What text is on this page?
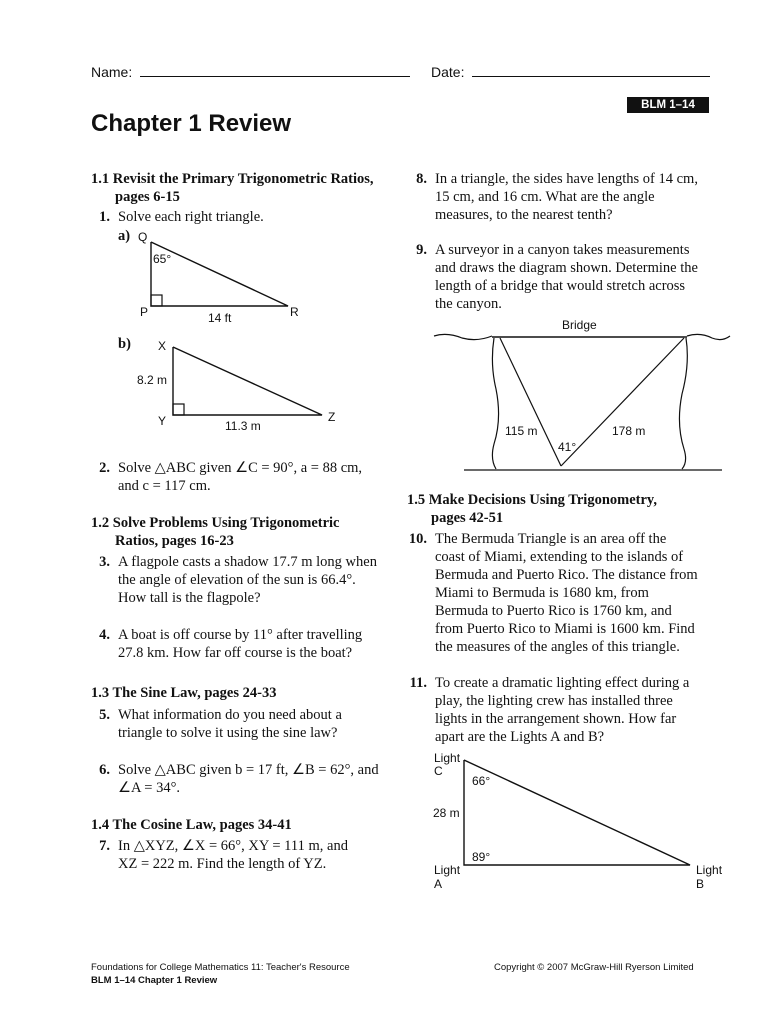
Name:	Date:
BLM 1–14
Chapter 1 Review
1.1 Revisit the Primary Trigonometric Ratios,
pages 6-15
1. Solve each right triangle.
a) Q
65°
P	R
14 ft
b) X
8.2 m
Y	Z
11.3 m
2. Solve △ABC given ∠C = 90°, a = 88 cm,
and c = 117 cm.
1.2 Solve Problems Using Trigonometric
Ratios, pages 16-23
3. A flagpole casts a shadow 17.7 m long when
the angle of elevation of the sun is 66.4°.
How tall is the flagpole?
4. A boat is off course by 11° after travelling
27.8 km. How far off course is the boat?
1.3 The Sine Law, pages 24-33
5. What information do you need about a
triangle to solve it using the sine law?
6. Solve △ABC given b = 17 ft, ∠B = 62°, and
∠A = 34°.
1.4 The Cosine Law, pages 34-41
7. In △XYZ, ∠X = 66°, XY = 111 m, and
XZ = 222 m. Find the length of YZ.
8. In a triangle, the sides have lengths of 14 cm,
15 cm, and 16 cm. What are the angle
measures, to the nearest tenth?
9. A surveyor in a canyon takes measurements
and draws the diagram shown. Determine the
length of a bridge that would stretch across
the canyon.
Bridge
115 m	178 m
41°
1.5 Make Decisions Using Trigonometry,
pages 42-51
10. The Bermuda Triangle is an area off the
coast of Miami, extending to the islands of
Bermuda and Puerto Rico. The distance from
Miami to Bermuda is 1680 km, from
Bermuda to Puerto Rico is 1760 km, and
from Puerto Rico to Miami is 1600 km. Find
the measures of the angles of this triangle.
11. To create a dramatic lighting effect during a
play, the lighting crew has installed three
lights in the arrangement shown. How far
apart are the Lights A and B?
Light
C
66°
28 m
89°
Light
A
Light
B
Foundations for College Mathematics 11: Teacher's Resource
BLM 1–14 Chapter 1 Review
Copyright © 2007 McGraw-Hill Ryerson Limited
